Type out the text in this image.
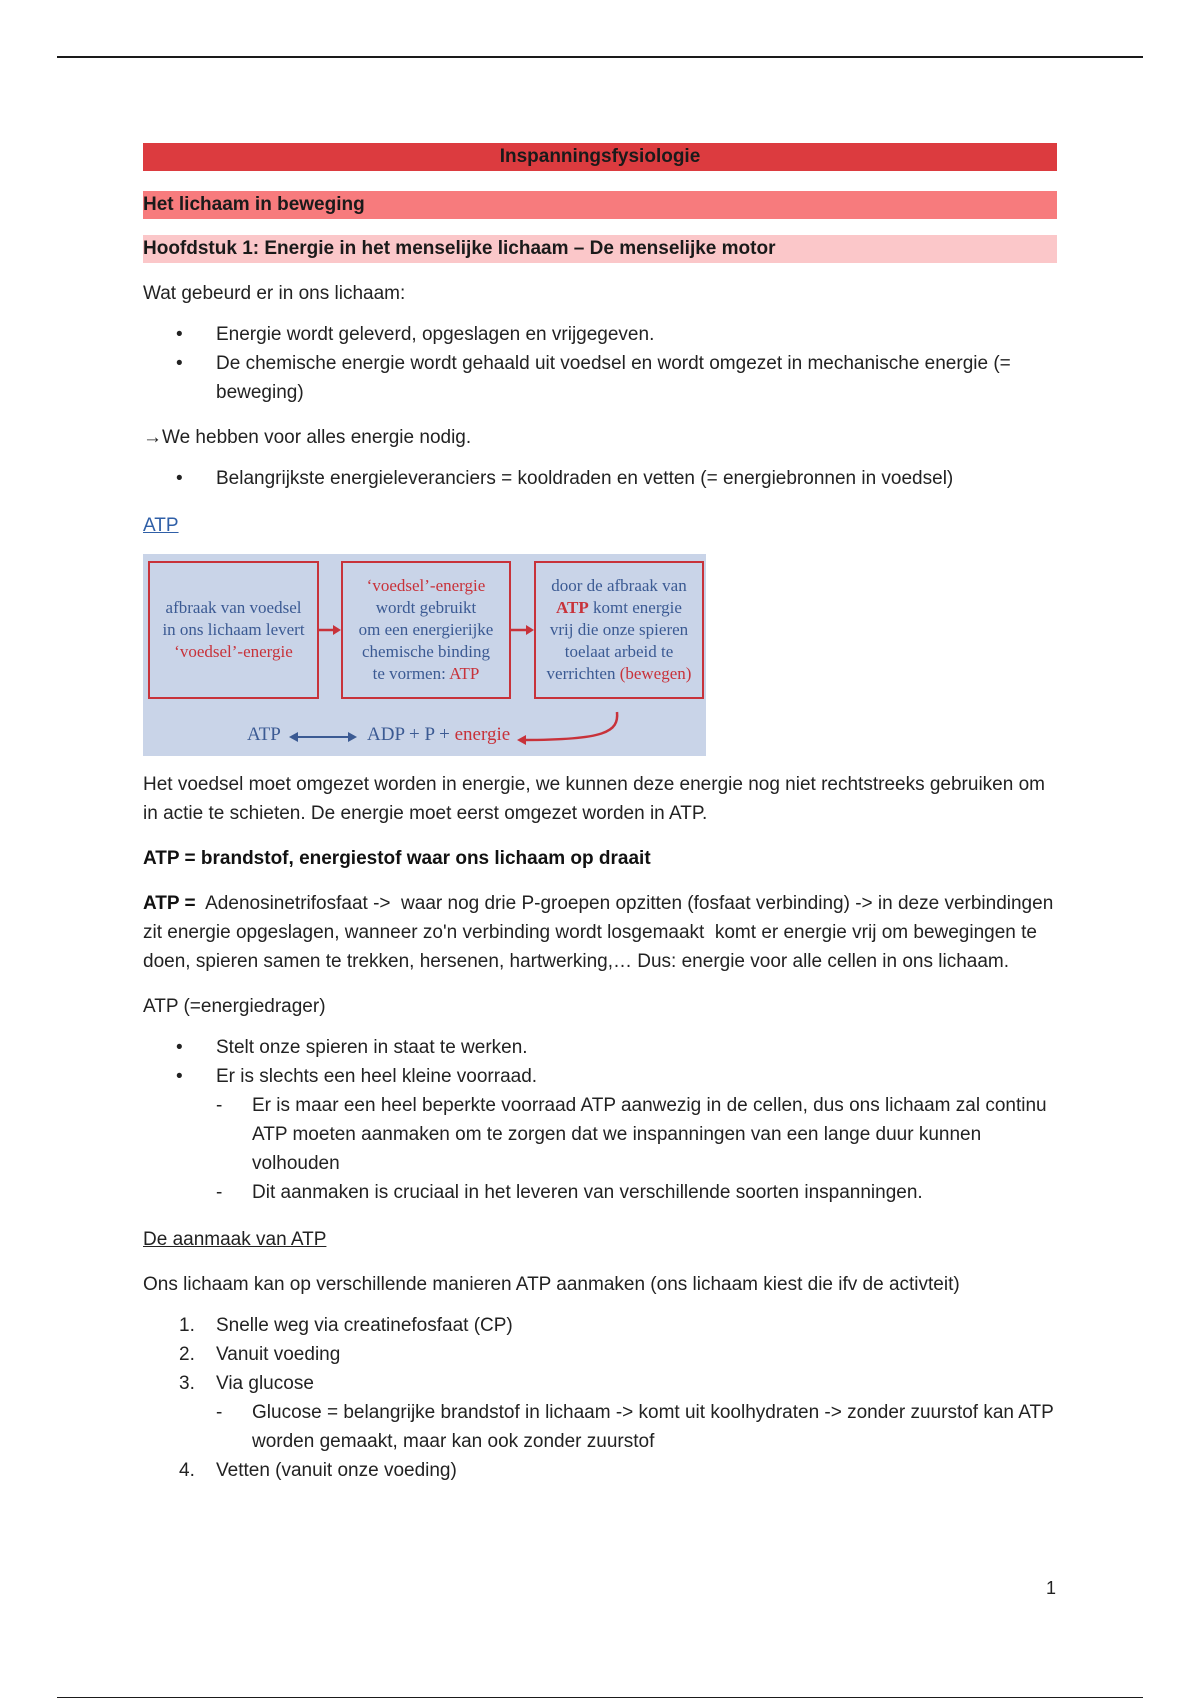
Inspanningsfysiologie
Het lichaam in beweging
Hoofdstuk 1: Energie in het menselijke lichaam – De menselijke motor

Wat gebeurd er in ons lichaam:

• Energie wordt geleverd, opgeslagen en vrijgegeven.
• De chemische energie wordt gehaald uit voedsel en wordt omgezet in mechanische energie (= beweging)

→We hebben voor alles energie nodig.

• Belangrijkste energieleveranciers = kooldraden en vetten (= energiebronnen in voedsel)

ATP

afbraak van voedsel
in ons lichaam levert
‘voedsel’-energie
‘voedsel’-energie
wordt gebruikt
om een energierijke
chemische binding
te vormen: ATP
door de afbraak van
ATP komt energie
vrij die onze spieren
toelaat arbeid te
verrichten (bewegen)
ATP	ADP + P + energie

Het voedsel moet omgezet worden in energie, we kunnen deze energie nog niet rechtstreeks gebruiken om in actie te schieten. De energie moet eerst omgezet worden in ATP.

ATP = brandstof, energiestof waar ons lichaam op draait

ATP =  Adenosinetrifosfaat ->  waar nog drie P-groepen opzitten (fosfaat verbinding) -> in deze verbindingen zit energie opgeslagen, wanneer zo'n verbinding wordt losgemaakt  komt er energie vrij om bewegingen te doen, spieren samen te trekken, hersenen, hartwerking,… Dus: energie voor alle cellen in ons lichaam.

ATP (=energiedrager)

• Stelt onze spieren in staat te werken.
• Er is slechts een heel kleine voorraad.
- Er is maar een heel beperkte voorraad ATP aanwezig in de cellen, dus ons lichaam zal continu ATP moeten aanmaken om te zorgen dat we inspanningen van een lange duur kunnen volhouden
- Dit aanmaken is cruciaal in het leveren van verschillende soorten inspanningen.

De aanmaak van ATP

Ons lichaam kan op verschillende manieren ATP aanmaken (ons lichaam kiest die ifv de activteit)

1. Snelle weg via creatinefosfaat (CP)
2. Vanuit voeding
3. Via glucose
- Glucose = belangrijke brandstof in lichaam -> komt uit koolhydraten -> zonder zuurstof kan ATP worden gemaakt, maar kan ook zonder zuurstof
4. Vetten (vanuit onze voeding)
1
